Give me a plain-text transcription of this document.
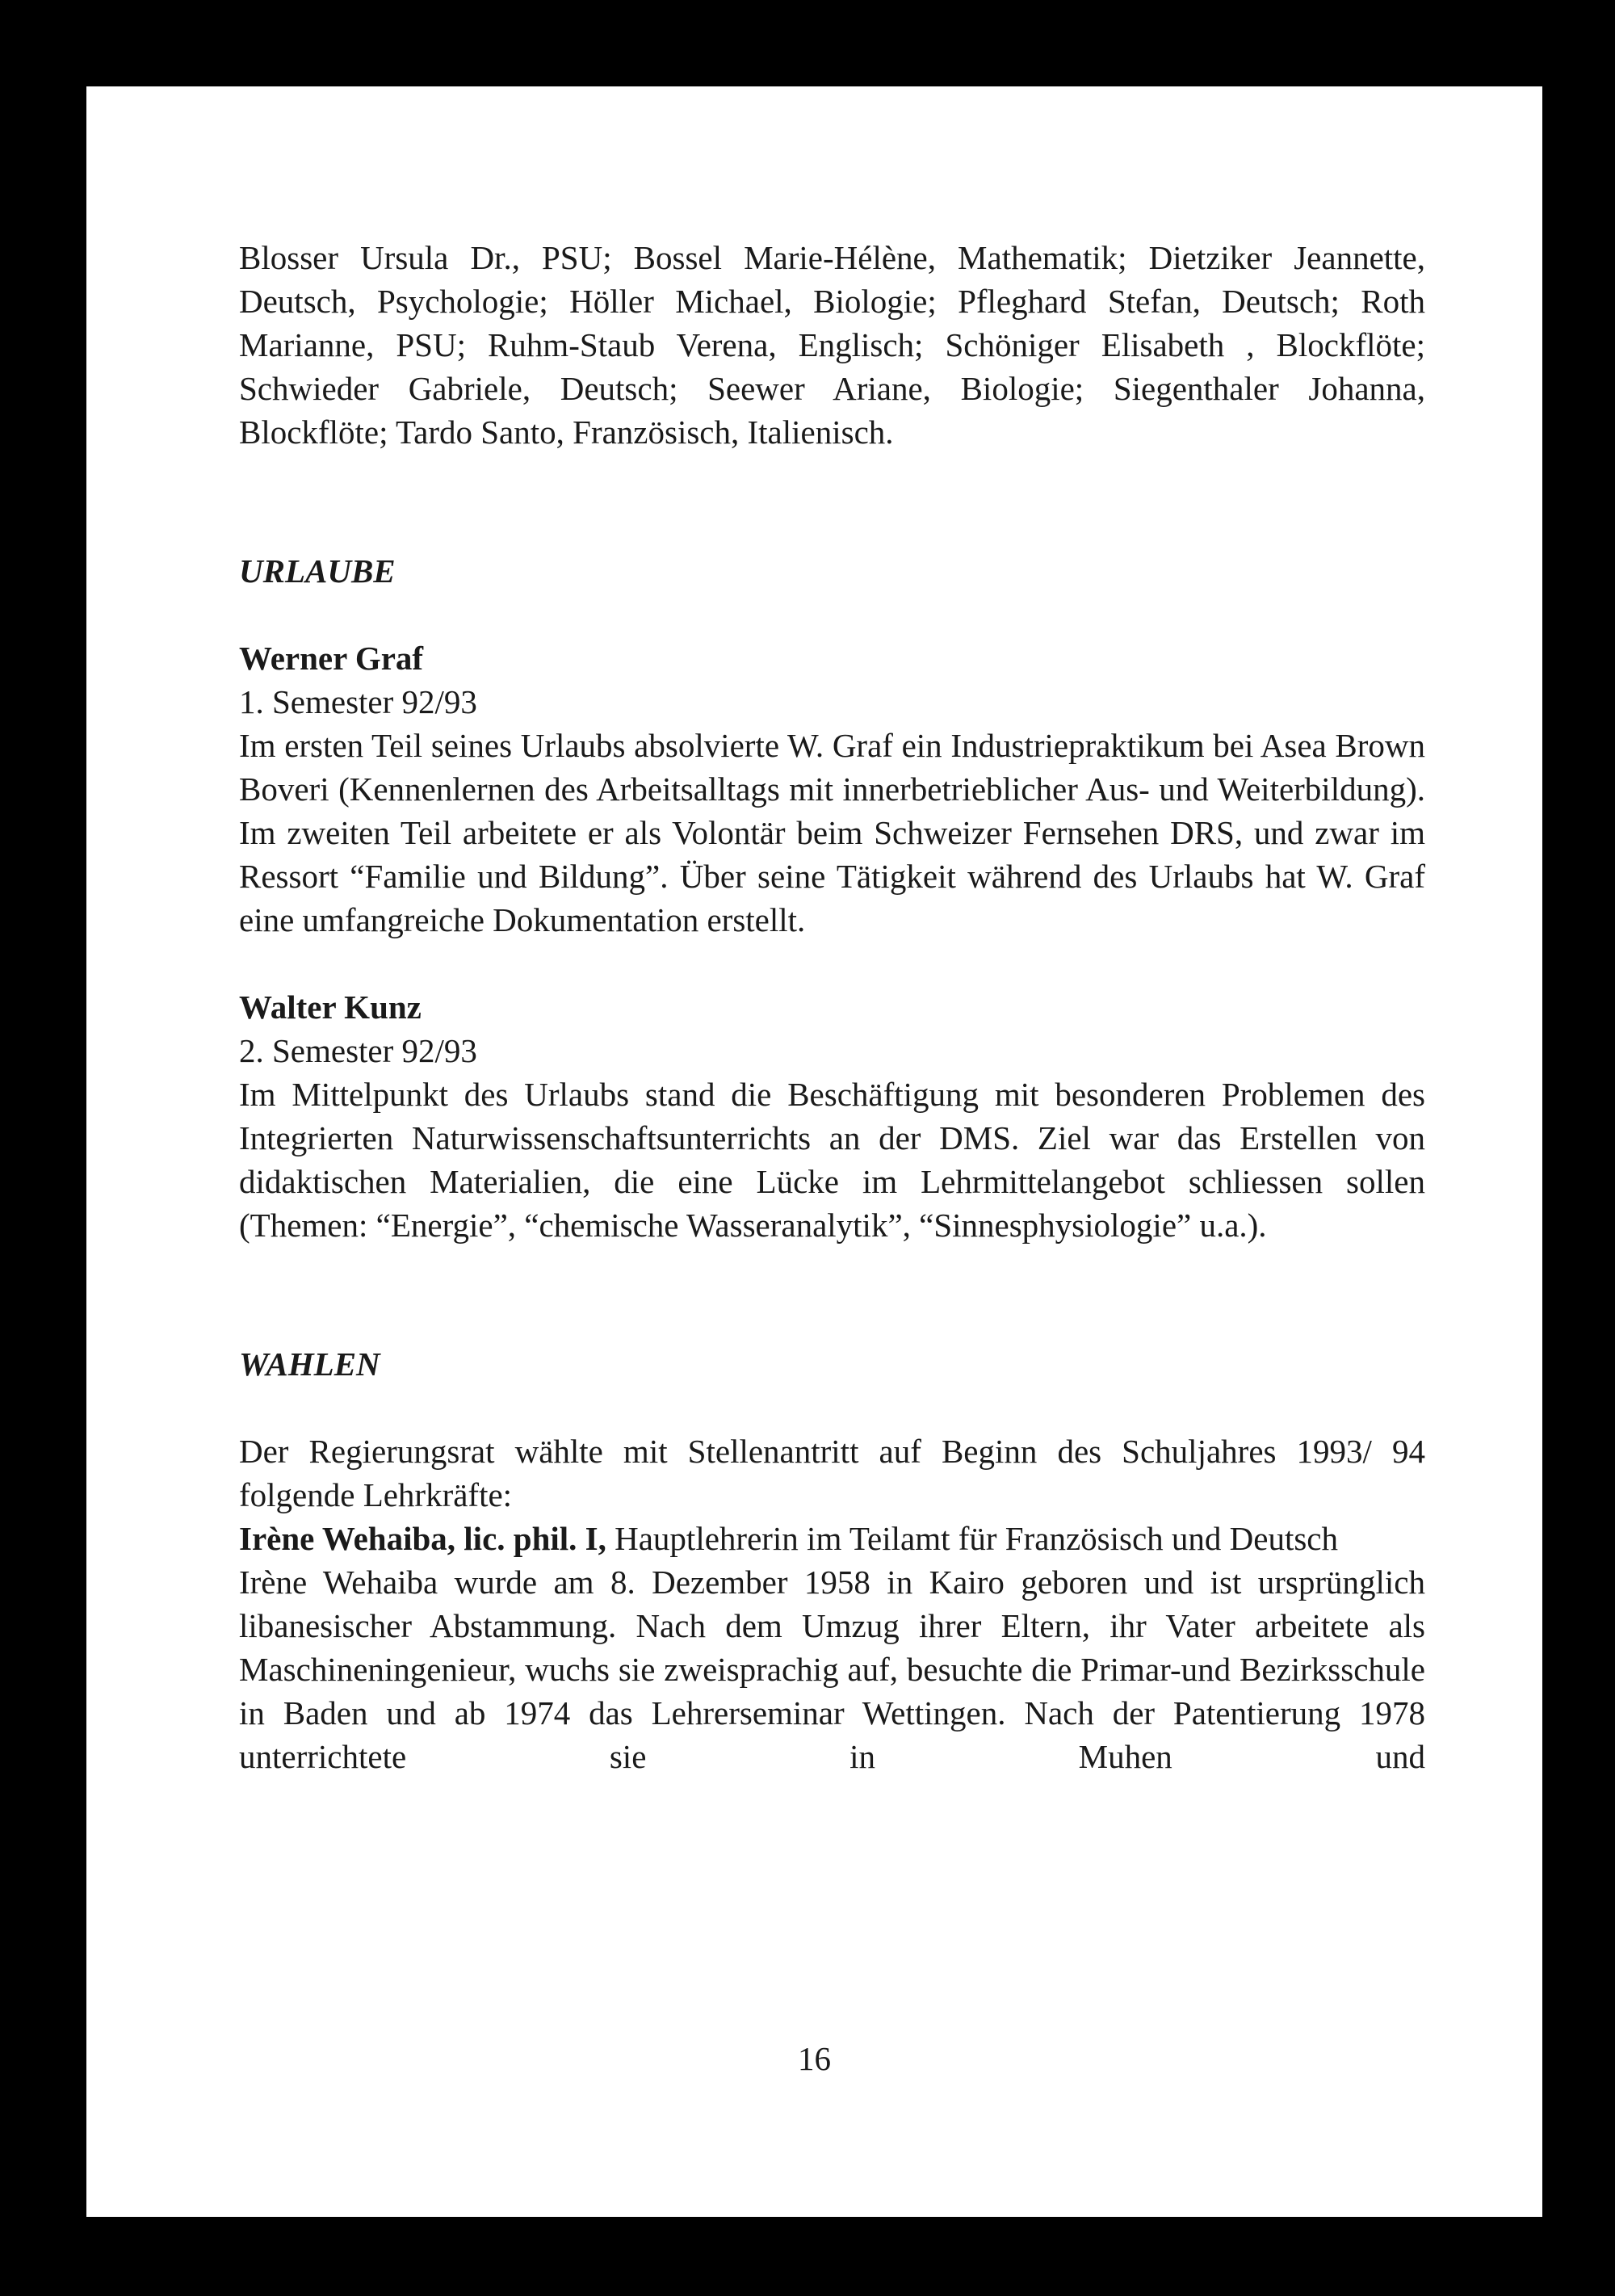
Blosser Ursula Dr., PSU; Bossel Marie-Hélène, Mathematik; Dietziker Jeannette, Deutsch, Psychologie; Höller Michael, Biologie; Pfleghard Stefan, Deutsch; Roth Marianne, PSU; Ruhm-Staub Verena, Englisch; Schöniger Elisabeth , Blockflöte; Schwieder Gabriele, Deutsch; Seewer Ariane, Biologie; Siegenthaler Johanna, Blockflöte; Tardo Santo, Französisch, Italienisch.

URLAUBE

Werner Graf

1. Semester 92/93

Im ersten Teil seines Urlaubs absolvierte W. Graf ein Industriepraktikum bei Asea Brown Boveri (Kennenlernen des Arbeitsalltags mit innerbetrieblicher Aus- und Weiterbildung). Im zweiten Teil arbeitete er als Volontär beim Schweizer Fernsehen DRS, und zwar im Ressort “Familie und Bildung”. Über seine Tätigkeit während des Urlaubs hat W. Graf eine umfangreiche Dokumentation erstellt.

Walter Kunz

2. Semester 92/93

Im Mittelpunkt des Urlaubs stand die Beschäftigung mit besonderen Problemen des Integrierten Naturwissenschaftsunterrichts an der DMS. Ziel war das Erstellen von didaktischen Materialien, die eine Lücke im Lehrmittelangebot schliessen sollen (Themen: “Energie”, “chemische Wasseranalytik”, “Sinnesphysiologie” u.a.).

WAHLEN

Der Regierungsrat wählte mit Stellenantritt auf Beginn des Schuljahres 1993/ 94 folgende Lehrkräfte:

Irène Wehaiba, lic. phil. I, Hauptlehrerin im Teilamt für Französisch und Deutsch

Irène Wehaiba wurde am 8. Dezember 1958 in Kairo geboren und ist ursprünglich libanesischer Abstammung. Nach dem Umzug ihrer Eltern, ihr Vater arbeitete als Maschineningenieur, wuchs sie zweisprachig auf, besuchte die Primar-und Bezirksschule in Baden und ab 1974 das Lehrerseminar Wettingen. Nach der Patentierung 1978 unterrichtete sie in Muhen und

16
